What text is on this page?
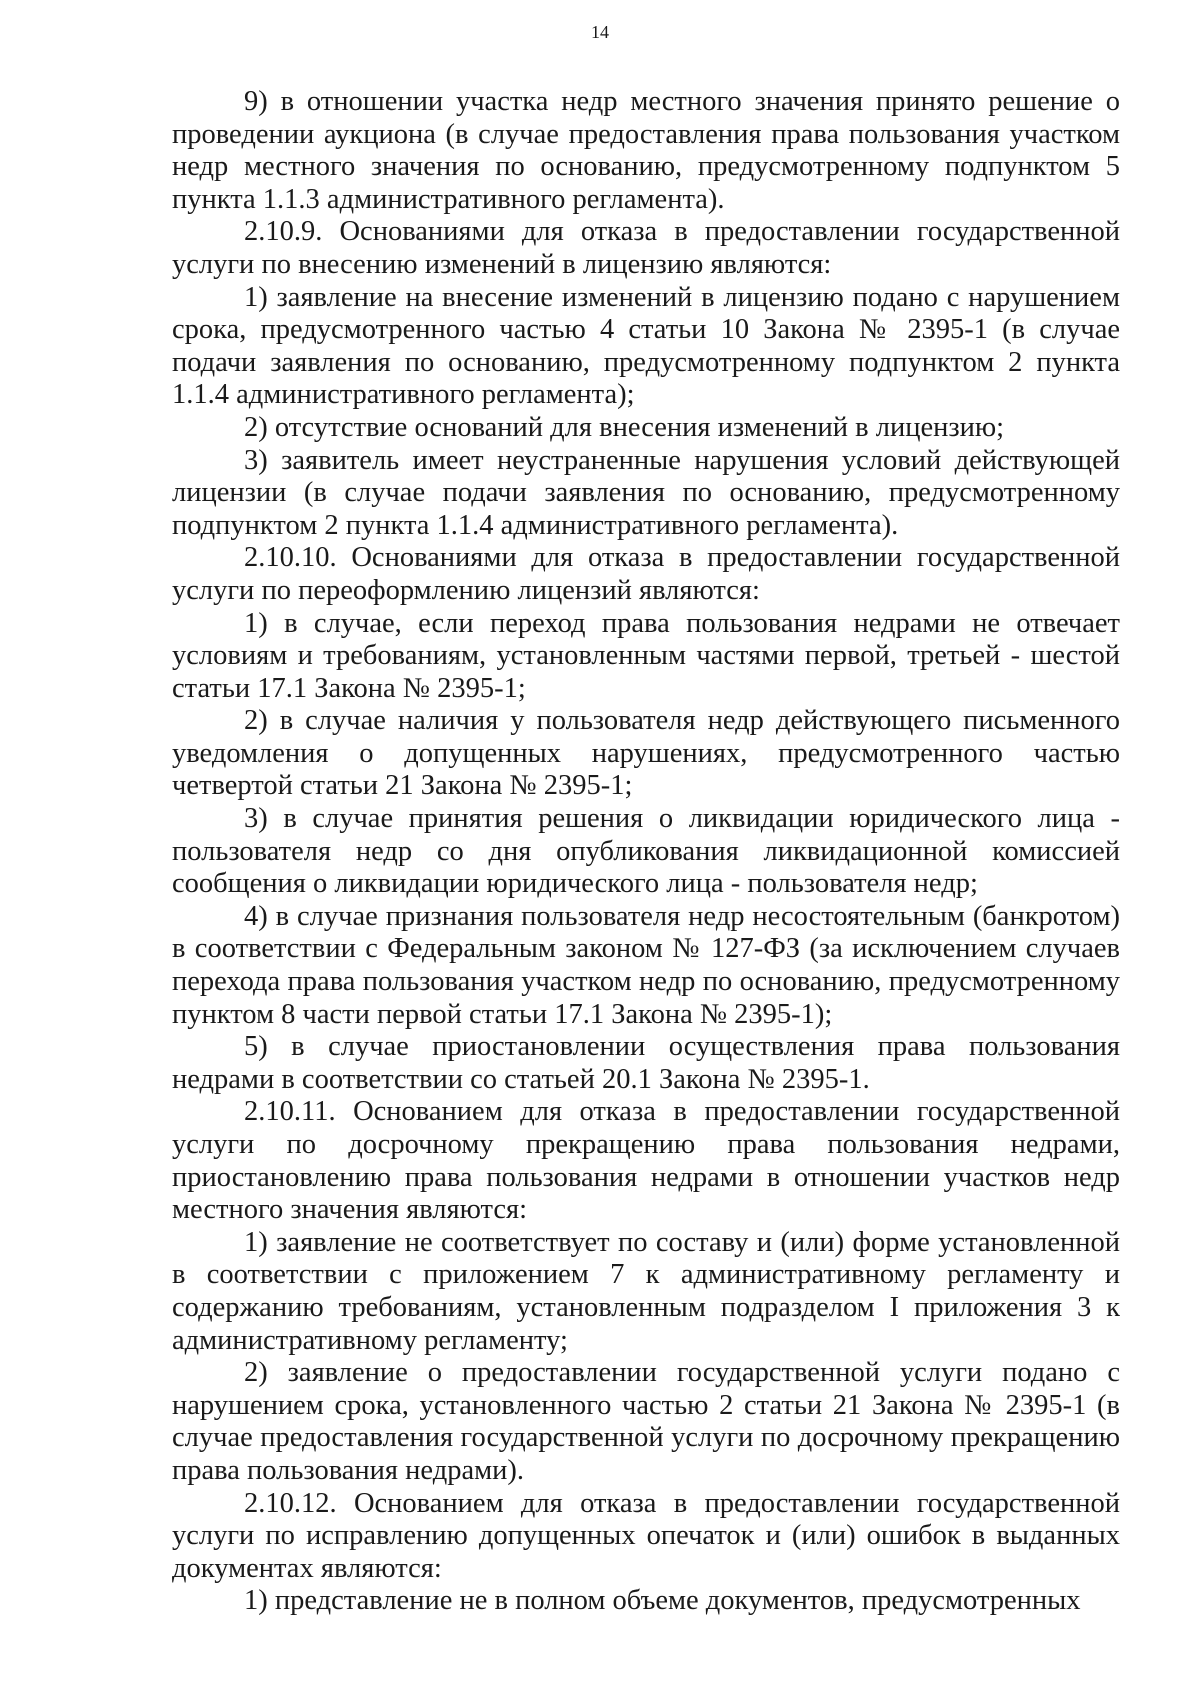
14

9) в отношении участка недр местного значения принято решение о проведении аукциона (в случае предоставления права пользования участком недр местного значения по основанию, предусмотренному подпунктом 5 пункта 1.1.3 административного регламента).

2.10.9. Основаниями для отказа в предоставлении государственной услуги по внесению изменений в лицензию являются:

1) заявление на внесение изменений в лицензию подано с нарушением срока, предусмотренного частью 4 статьи 10 Закона № 2395-1 (в случае подачи заявления по основанию, предусмотренному подпунктом 2 пункта 1.1.4 административного регламента);

2) отсутствие оснований для внесения изменений в лицензию;

3) заявитель имеет неустраненные нарушения условий действующей лицензии (в случае подачи заявления по основанию, предусмотренному подпунктом 2 пункта 1.1.4 административного регламента).

2.10.10. Основаниями для отказа в предоставлении государственной услуги по переоформлению лицензий являются:

1) в случае, если переход права пользования недрами не отвечает условиям и требованиям, установленным частями первой, третьей - шестой статьи 17.1 Закона № 2395-1;

2) в случае наличия у пользователя недр действующего письменного уведомления о допущенных нарушениях, предусмотренного частью четвертой статьи 21 Закона № 2395-1;

3) в случае принятия решения о ликвидации юридического лица - пользователя недр со дня опубликования ликвидационной комиссией сообщения о ликвидации юридического лица - пользователя недр;

4) в случае признания пользователя недр несостоятельным (банкротом) в соответствии с Федеральным законом № 127-ФЗ (за исключением случаев перехода права пользования участком недр по основанию, предусмотренному пунктом 8 части первой статьи 17.1 Закона № 2395-1);

5) в случае приостановлении осуществления права пользования недрами в соответствии со статьей 20.1 Закона № 2395-1.

2.10.11. Основанием для отказа в предоставлении государственной услуги по досрочному прекращению права пользования недрами, приостановлению права пользования недрами в отношении участков недр местного значения являются:

1) заявление не соответствует по составу и (или) форме установленной в соответствии с приложением 7 к административному регламенту и содержанию требованиям, установленным подразделом I приложения 3 к административному регламенту;

2) заявление о предоставлении государственной услуги подано с нарушением срока, установленного частью 2 статьи 21 Закона № 2395-1 (в случае предоставления государственной услуги по досрочному прекращению права пользования недрами).

2.10.12. Основанием для отказа в предоставлении государственной услуги по исправлению допущенных опечаток и (или) ошибок в выданных документах являются:

1) представление не в полном объеме документов, предусмотренных
